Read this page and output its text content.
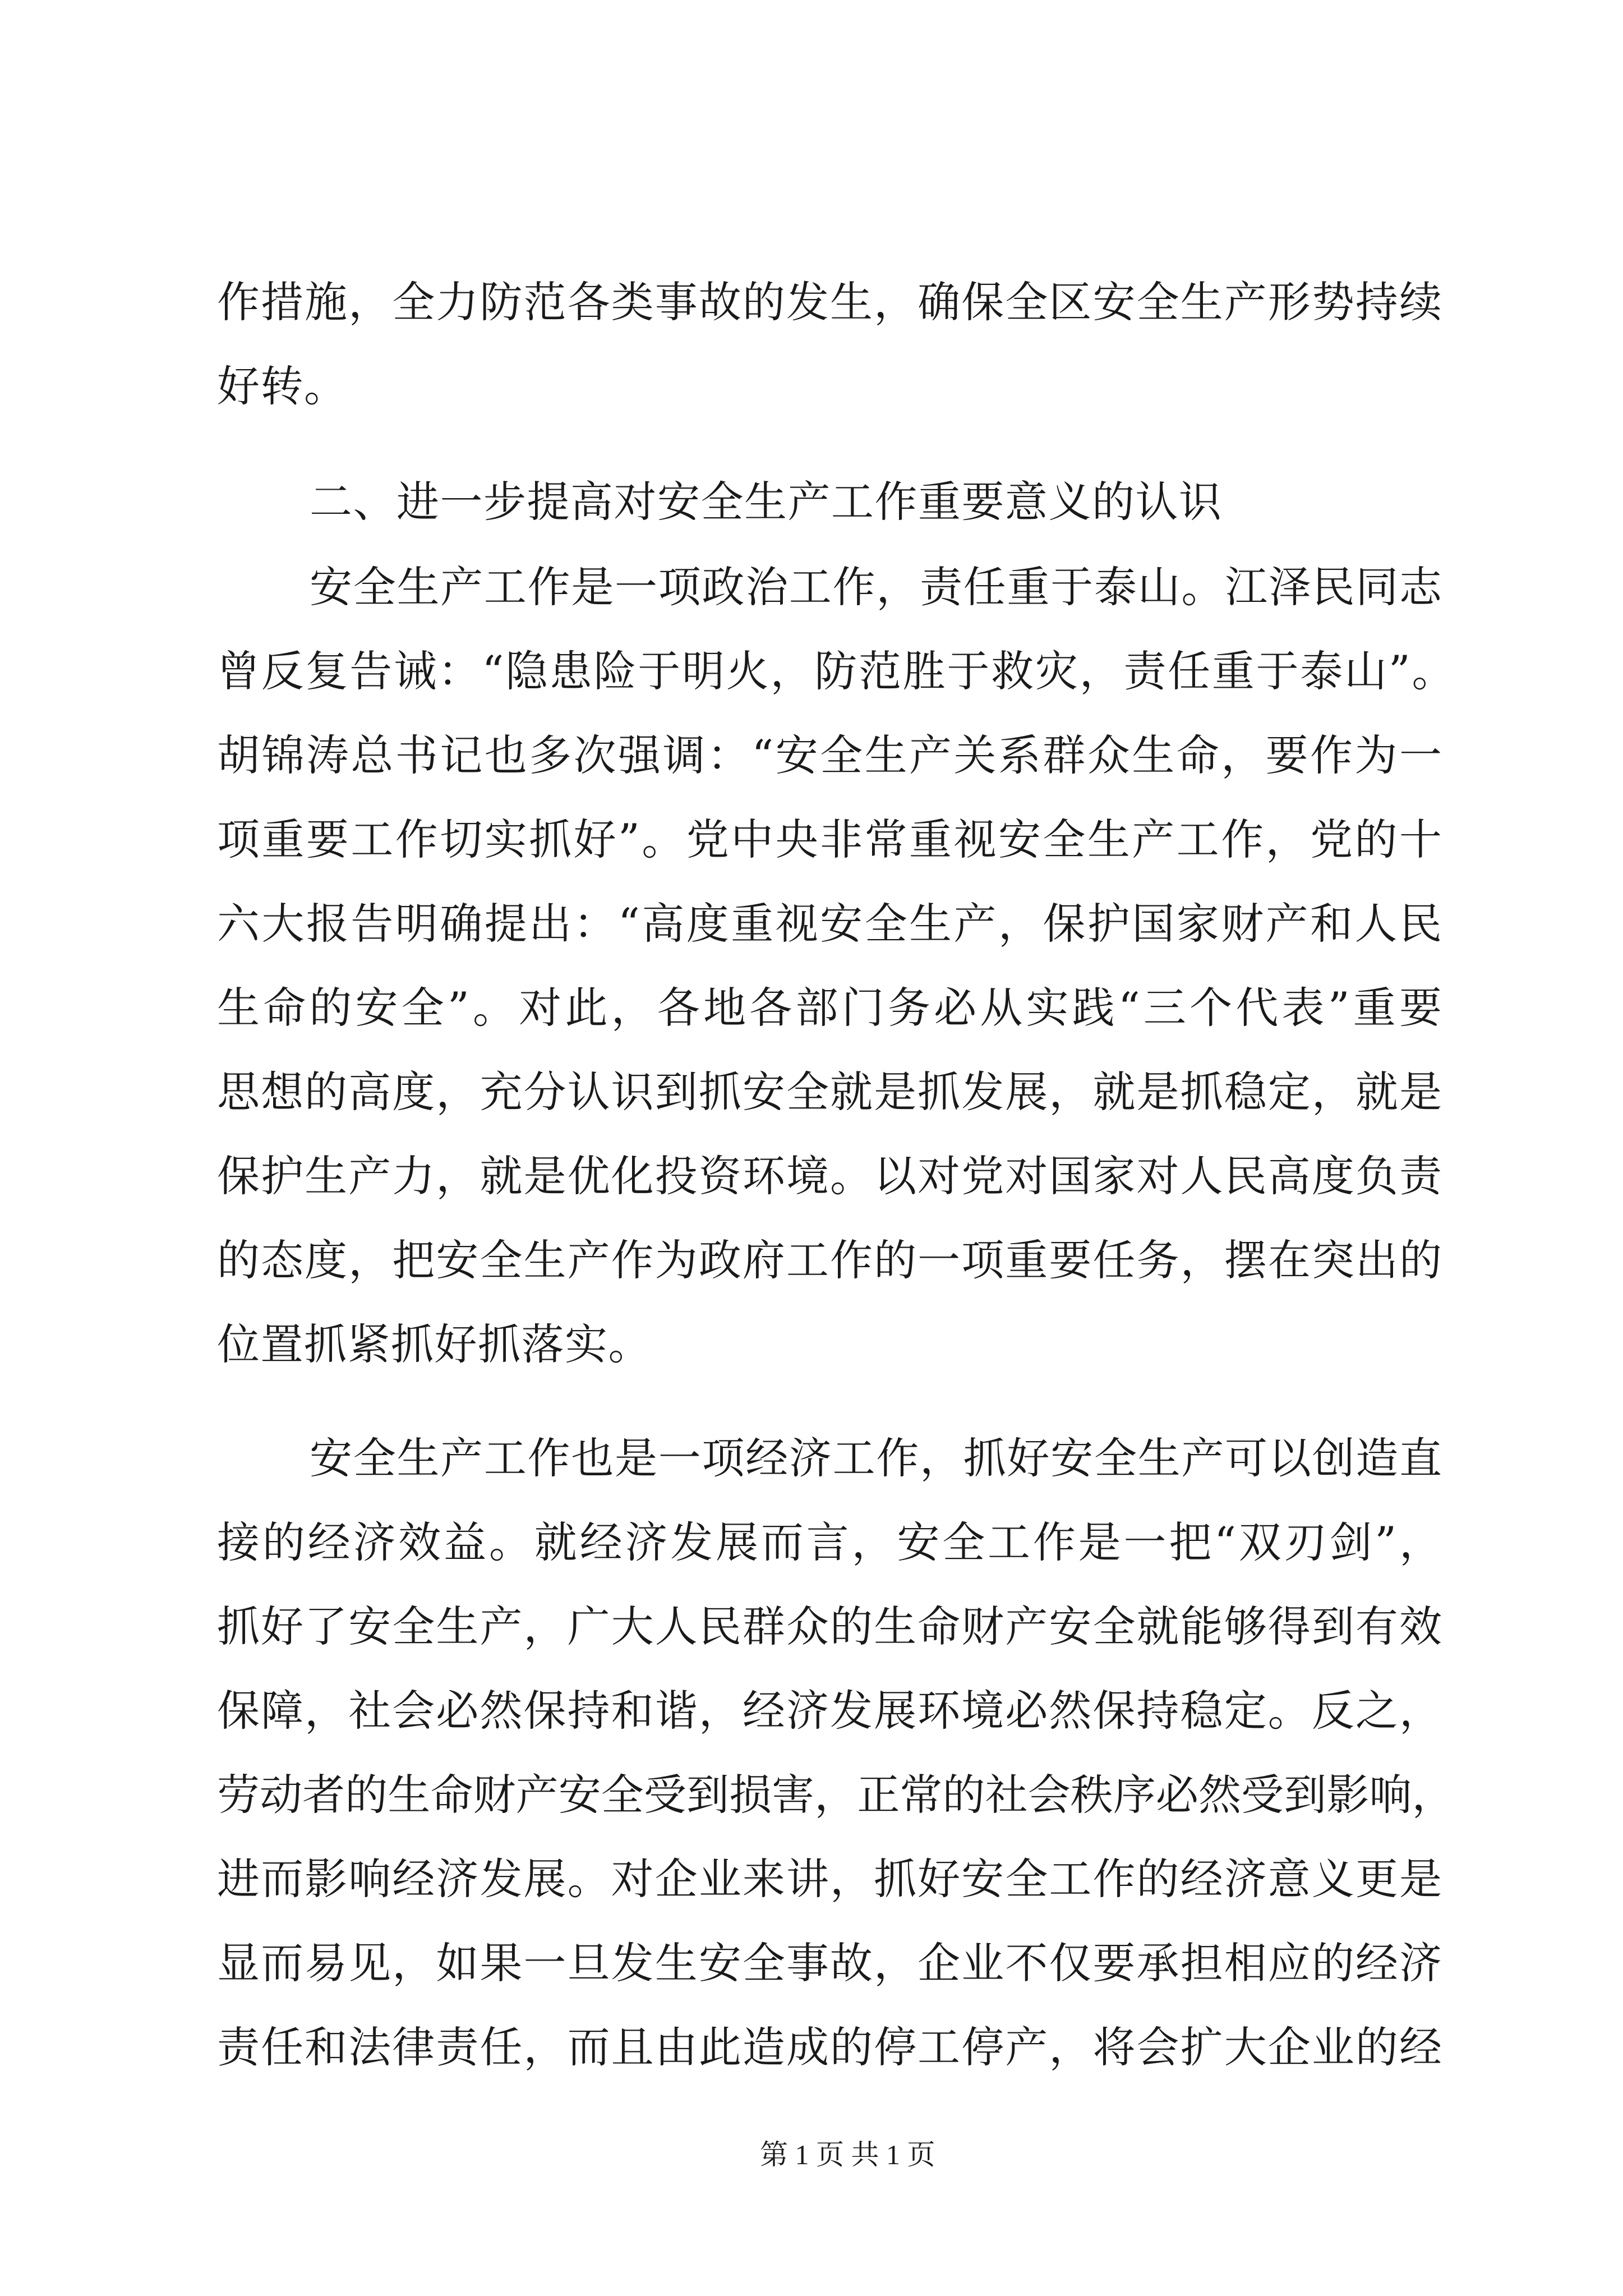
作措施，全力防范各类事故的发生，确保全区安全生产形势持续
好转。
二、进一步提高对安全生产工作重要意义的认识
安全生产工作是一项政治工作，责任重于泰山。江泽民同志
曾反复告诫：“隐患险于明火，防范胜于救灾，责任重于泰山”。
胡锦涛总书记也多次强调：“安全生产关系群众生命，要作为一
项重要工作切实抓好”。党中央非常重视安全生产工作，党的十
六大报告明确提出：“高度重视安全生产，保护国家财产和人民
生命的安全”。对此，各地各部门务必从实践“三个代表”重要
思想的高度，充分认识到抓安全就是抓发展，就是抓稳定，就是
保护生产力，就是优化投资环境。以对党对国家对人民高度负责
的态度，把安全生产作为政府工作的一项重要任务，摆在突出的
位置抓紧抓好抓落实。
安全生产工作也是一项经济工作，抓好安全生产可以创造直
接的经济效益。就经济发展而言，安全工作是一把“双刃剑”，
抓好了安全生产，广大人民群众的生命财产安全就能够得到有效
保障，社会必然保持和谐，经济发展环境必然保持稳定。反之，
劳动者的生命财产安全受到损害，正常的社会秩序必然受到影响，
进而影响经济发展。对企业来讲，抓好安全工作的经济意义更是
显而易见，如果一旦发生安全事故，企业不仅要承担相应的经济
责任和法律责任，而且由此造成的停工停产，将会扩大企业的经
第 1 页 共 1 页
